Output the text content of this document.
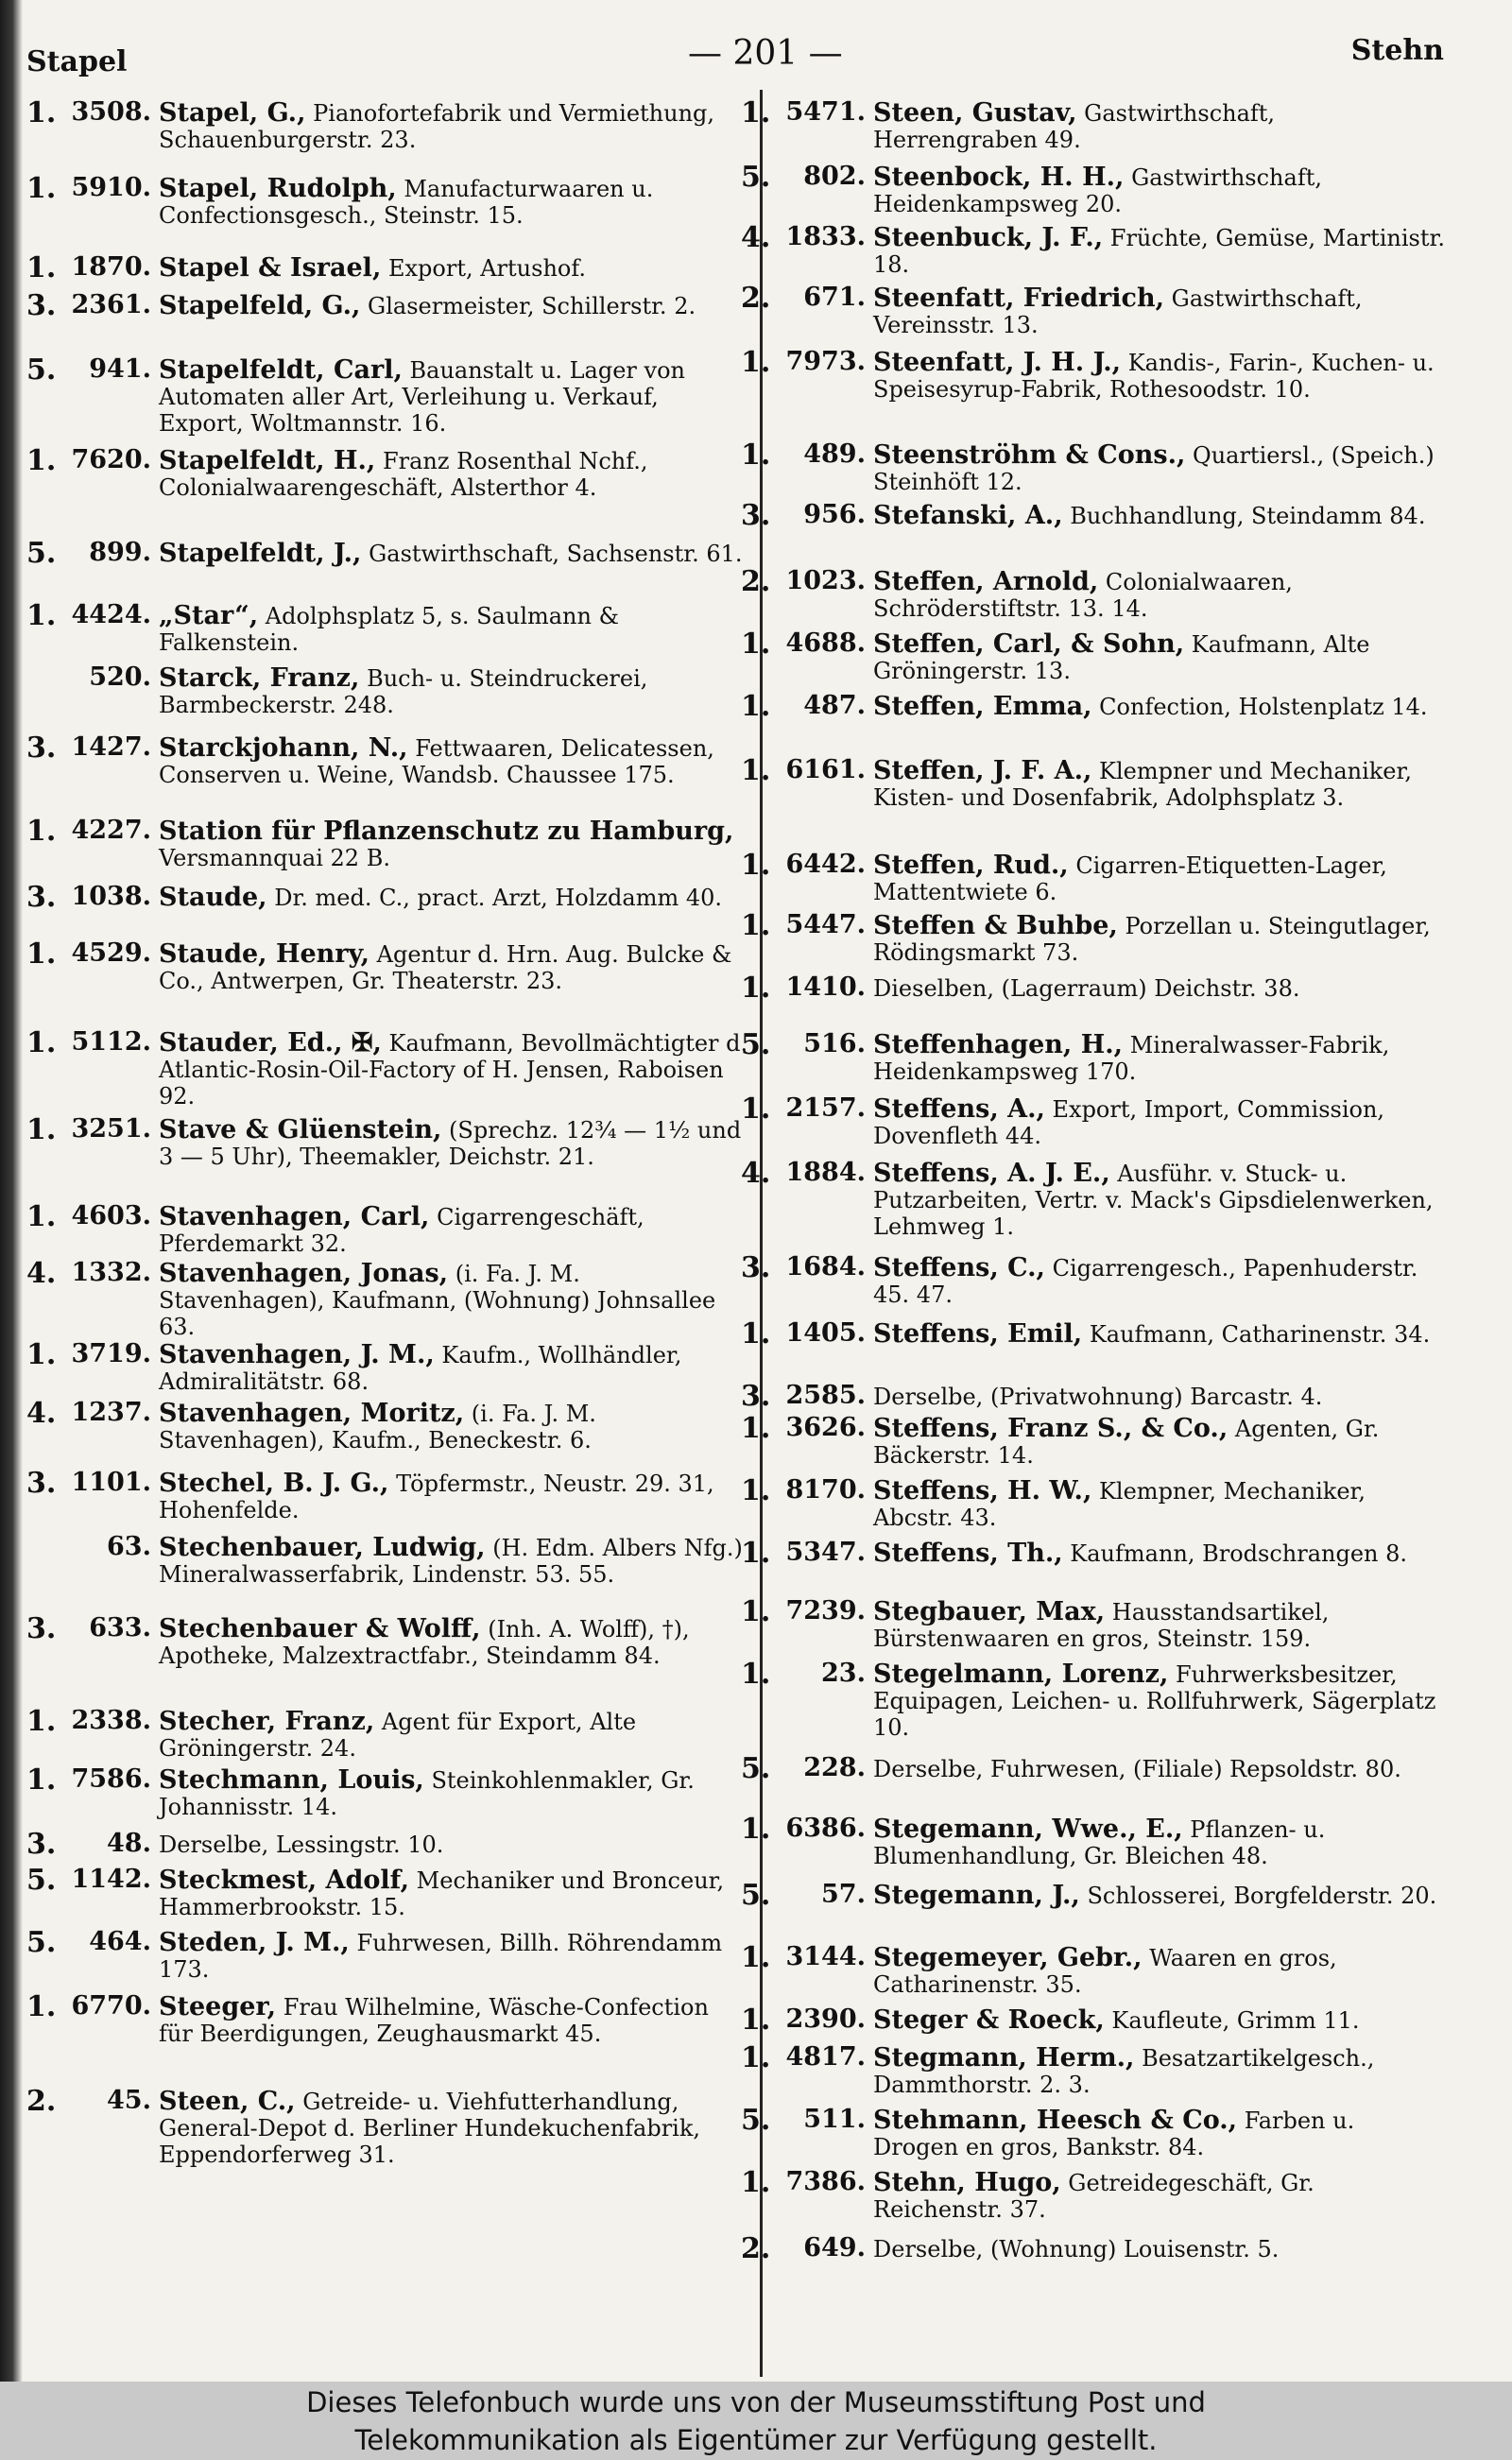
Stapel	— 201 —	Stehn
1. 3508. Stapel, G., Pianofortefabrik und Vermiethung, Schauenburgerstr. 23.
1. 5910. Stapel, Rudolph, Manufacturwaaren u. Confectionsgesch., Steinstr. 15.
1. 1870. Stapel & Israel, Export, Artushof.
3. 2361. Stapelfeld, G., Glasermeister, Schillerstr. 2.
5.	941. Stapelfeldt, Carl, Bauanstalt u. Lager von Automaten aller Art, Verleihung u. Verkauf, Export, Woltmannstr. 16.
1. 7620. Stapelfeldt, H., Franz Rosenthal Nchf., Colonialwaarengeschäft, Alsterthor 4.
5.	899. Stapelfeldt, J., Gastwirthschaft, Sachsenstr. 61.
1. 4424. „Star“, Adolphsplatz 5, s. Saulmann & Falkenstein.
520. Starck, Franz, Buch- u. Steindruckerei, Barmbeckerstr. 248.
3. 1427. Starckjohann, N., Fettwaaren, Delicatessen, Conserven u. Weine, Wandsb. Chaussee 175.
1. 4227. Station für Pflanzenschutz zu Hamburg, Versmannquai 22 B.
3. 1038. Staude, Dr. med. C., pract. Arzt, Holzdamm 40.
1. 4529. Staude, Henry, Agentur d. Hrn. Aug. Bulcke & Co., Antwerpen, Gr. Theaterstr. 23.
1. 5112. Stauder, Ed., ✠, Kaufmann, Bevollmächtigter d. Atlantic-Rosin-Oil-Factory of H. Jensen, Raboisen 92.
1. 3251. Stave & Glüenstein, (Sprechz. 12¾ — 1½ und 3 — 5 Uhr), Theemakler, Deichstr. 21.
1. 4603. Stavenhagen, Carl, Cigarrengeschäft, Pferdemarkt 32.
4. 1332. Stavenhagen, Jonas, (i. Fa. J. M. Stavenhagen), Kaufmann, (Wohnung) Johnsallee 63.
1. 3719. Stavenhagen, J. M., Kaufm., Wollhändler, Admiralitätstr. 68.
4. 1237. Stavenhagen, Moritz, (i. Fa. J. M. Stavenhagen), Kaufm., Beneckestr. 6.
3. 1101. Stechel, B. J. G., Töpfermstr., Neustr. 29. 31, Hohenfelde.
63. Stechenbauer, Ludwig, (H. Edm. Albers Nfg.) Mineralwasserfabrik, Lindenstr. 53. 55.
3.	633. Stechenbauer & Wolff, (Inh. A. Wolff), †), Apotheke, Malzextractfabr., Steindamm 84.
1. 2338. Stecher, Franz, Agent für Export, Alte Gröningerstr. 24.
1. 7586. Stechmann, Louis, Steinkohlenmakler, Gr. Johannisstr. 14.
3.	48. Derselbe, Lessingstr. 10.
5. 1142. Steckmest, Adolf, Mechaniker und Bronceur, Hammerbrookstr. 15.
5.	464. Steden, J. M., Fuhrwesen, Billh. Röhrendamm 173.
1. 6770. Steeger, Frau Wilhelmine, Wäsche-Confection für Beerdigungen, Zeughausmarkt 45.
2.	45. Steen, C., Getreide- u. Viehfutterhandlung, General-Depot d. Berliner Hundekuchenfabrik, Eppendorferweg 31.
1. 5471. Steen, Gustav, Gastwirthschaft, Herrengraben 49.
5.	802. Steenbock, H. H., Gastwirthschaft, Heidenkampsweg 20.
4. 1833. Steenbuck, J. F., Früchte, Gemüse, Martinistr. 18.
2.	671. Steenfatt, Friedrich, Gastwirthschaft, Vereinsstr. 13.
1. 7973. Steenfatt, J. H. J., Kandis-, Farin-, Kuchen- u. Speisesyrup-Fabrik, Rothesoodstr. 10.
1.	489. Steenströhm & Cons., Quartiersl., (Speich.) Steinhöft 12.
3.	956. Stefanski, A., Buchhandlung, Steindamm 84.
2. 1023. Steffen, Arnold, Colonialwaaren, Schröderstiftstr. 13. 14.
1. 4688. Steffen, Carl, & Sohn, Kaufmann, Alte Gröningerstr. 13.
1.	487. Steffen, Emma, Confection, Holstenplatz 14.
1. 6161. Steffen, J. F. A., Klempner und Mechaniker, Kisten- und Dosenfabrik, Adolphsplatz 3.
1. 6442. Steffen, Rud., Cigarren-Etiquetten-Lager, Mattentwiete 6.
1. 5447. Steffen & Buhbe, Porzellan u. Steingutlager, Rödingsmarkt 73.
1. 1410. Dieselben, (Lagerraum) Deichstr. 38.
5.	516. Steffenhagen, H., Mineralwasser-Fabrik, Heidenkampsweg 170.
1. 2157. Steffens, A., Export, Import, Commission, Dovenfleth 44.
4. 1884. Steffens, A. J. E., Ausführ. v. Stuck- u. Putzarbeiten, Vertr. v. Mack's Gipsdielenwerken, Lehmweg 1.
3. 1684. Steffens, C., Cigarrengesch., Papenhuderstr. 45. 47.
1. 1405. Steffens, Emil, Kaufmann, Catharinenstr. 34.
3. 2585. Derselbe, (Privatwohnung) Barcastr. 4.
1. 3626. Steffens, Franz S., & Co., Agenten, Gr. Bäckerstr. 14.
1. 8170. Steffens, H. W., Klempner, Mechaniker, Abcstr. 43.
1. 5347. Steffens, Th., Kaufmann, Brodschrangen 8.
1. 7239. Stegbauer, Max, Hausstandsartikel, Bürstenwaaren en gros, Steinstr. 159.
1.	23. Stegelmann, Lorenz, Fuhrwerksbesitzer, Equipagen, Leichen- u. Rollfuhrwerk, Sägerplatz 10.
5.	228. Derselbe, Fuhrwesen, (Filiale) Repsoldstr. 80.
1. 6386. Stegemann, Wwe., E., Pflanzen- u. Blumenhandlung, Gr. Bleichen 48.
5.	57. Stegemann, J., Schlosserei, Borgfelderstr. 20.
1. 3144. Stegemeyer, Gebr., Waaren en gros, Catharinenstr. 35.
1. 2390. Steger & Roeck, Kaufleute, Grimm 11.
1. 4817. Stegmann, Herm., Besatzartikelgesch., Dammthorstr. 2. 3.
5.	511. Stehmann, Heesch & Co., Farben u. Drogen en gros, Bankstr. 84.
1. 7386. Stehn, Hugo, Getreidegeschäft, Gr. Reichenstr. 37.
2.	649. Derselbe, (Wohnung) Louisenstr. 5.
Dieses Telefonbuch wurde uns von der Museumsstiftung Post und
Telekommunikation als Eigentümer zur Verfügung gestellt.
